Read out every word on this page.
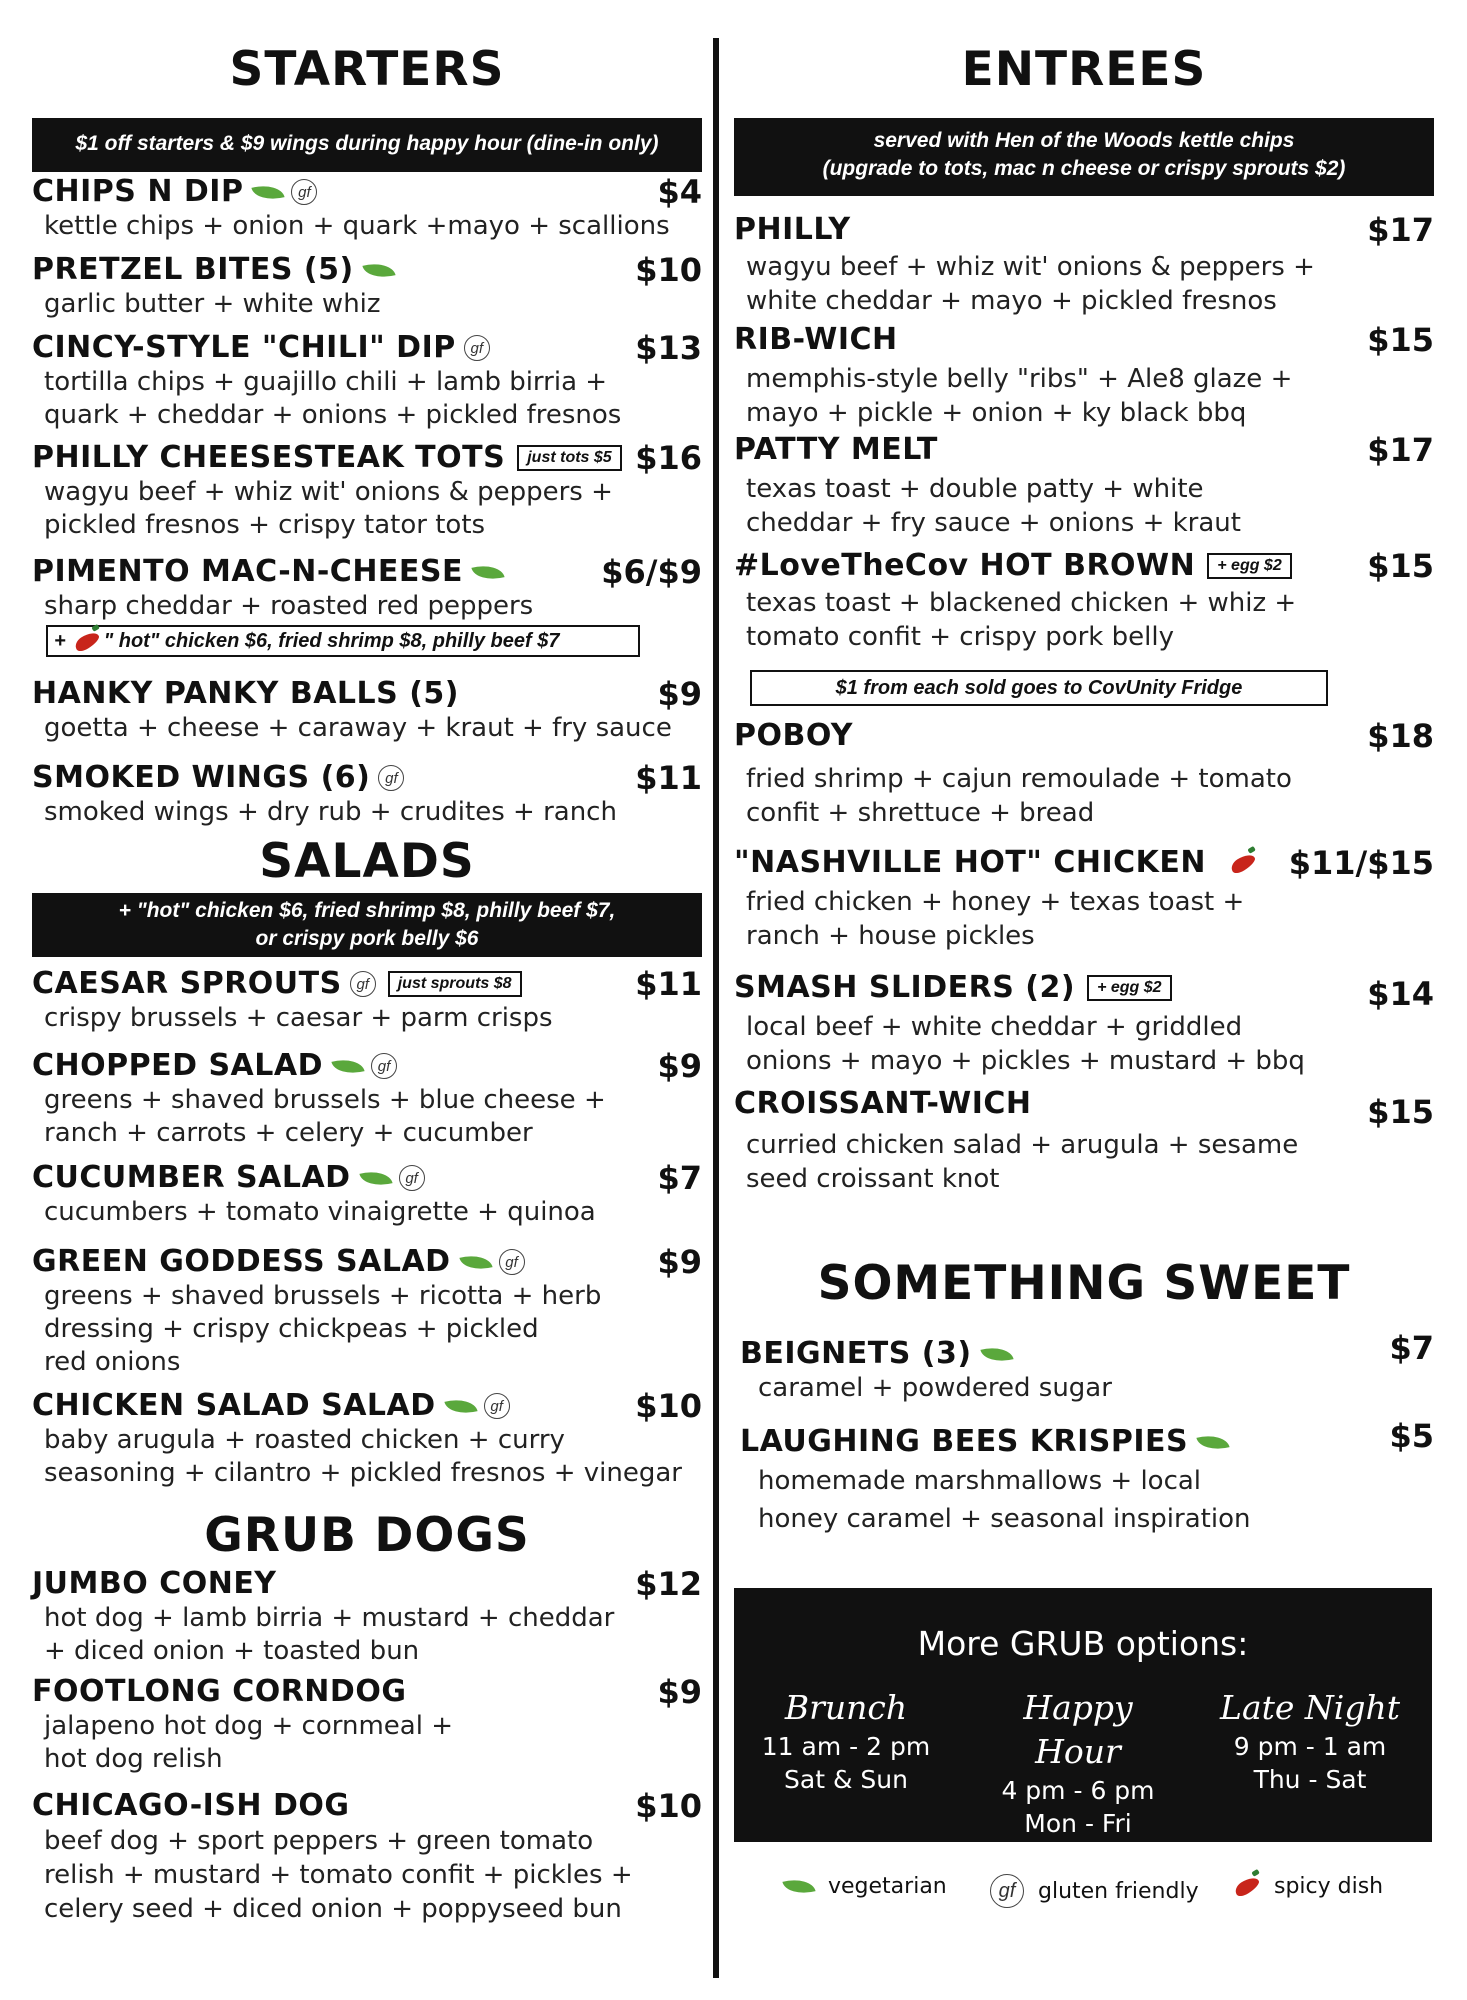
STARTERS
$1 off starters & $9 wings during happy hour (dine-in only)
CHIPS N DIP	gf	$4
kettle chips + onion + quark +mayo + scallions
PRETZEL BITES (5)	$10
garlic butter + white whiz
CINCY-STYLE "CHILI" DIP gf	$13
tortilla chips + guajillo chili + lamb birria +
quark + cheddar + onions + pickled fresnos
PHILLY CHEESESTEAK TOTS just tots $5 $16
wagyu beef + whiz wit' onions & peppers +
pickled fresnos + crispy tator tots
PIMENTO MAC-N-CHEESE	$6/$9
sharp cheddar + roasted red peppers
+ " hot" chicken $6, fried shrimp $8, philly beef $7
HANKY PANKY BALLS (5)	$9
goetta + cheese + caraway + kraut + fry sauce
SMOKED WINGS (6) gf	$11
smoked wings + dry rub + crudites + ranch
SALADS
+ "hot" chicken $6, fried shrimp $8, philly beef $7,
or crispy pork belly $6
CAESAR SPROUTS gf just sprouts $8	$11
crispy brussels + caesar + parm crisps
CHOPPED SALAD	gf	$9
greens + shaved brussels + blue cheese +
ranch + carrots + celery + cucumber
CUCUMBER SALAD	gf	$7
cucumbers + tomato vinaigrette + quinoa
GREEN GODDESS SALAD	gf	$9
greens + shaved brussels + ricotta + herb
dressing + crispy chickpeas + pickled
red onions
CHICKEN SALAD SALAD	gf	$10
baby arugula + roasted chicken + curry
seasoning + cilantro + pickled fresnos + vinegar
GRUB DOGS
JUMBO CONEY	$12
hot dog + lamb birria + mustard + cheddar
+ diced onion + toasted bun
FOOTLONG CORNDOG	$9
jalapeno hot dog + cornmeal +
hot dog relish
CHICAGO-ISH DOG	$10
beef dog + sport peppers + green tomato
relish + mustard + tomato confit + pickles +
celery seed + diced onion + poppyseed bun
ENTREES
served with Hen of the Woods kettle chips
(upgrade to tots, mac n cheese or crispy sprouts $2)
PHILLY	$17
wagyu beef + whiz wit' onions & peppers +
white cheddar + mayo + pickled fresnos
RIB-WICH	$15
memphis-style belly "ribs" + Ale8 glaze +
mayo + pickle + onion + ky black bbq
PATTY MELT	$17
texas toast + double patty + white
cheddar + fry sauce + onions + kraut
#LoveTheCov HOT BROWN + egg $2	$15
texas toast + blackened chicken + whiz +
tomato confit + crispy pork belly
$1 from each sold goes to CovUnity Fridge
POBOY	$18
fried shrimp + cajun remoulade + tomato
confit + shrettuce + bread
"NASHVILLE HOT" CHICKEN	$11/$15
fried chicken + honey + texas toast +
ranch + house pickles
SMASH SLIDERS (2) + egg $2	$14
local beef + white cheddar + griddled
onions + mayo + pickles + mustard + bbq
CROISSANT-WICH	$15
curried chicken salad + arugula + sesame
seed croissant knot
SOMETHING SWEET
BEIGNETS (3)	$7
caramel + powdered sugar
LAUGHING BEES KRISPIES	$5
homemade marshmallows + local
honey caramel + seasonal inspiration
More GRUB options:
Brunch
11 am - 2 pm
Sat & Sun
Happy Hour
4 pm - 6 pm
Mon - Fri
Late Night
9 pm - 1 am
Thu - Sat
vegetarian	gf	gluten friendly	spicy dish
